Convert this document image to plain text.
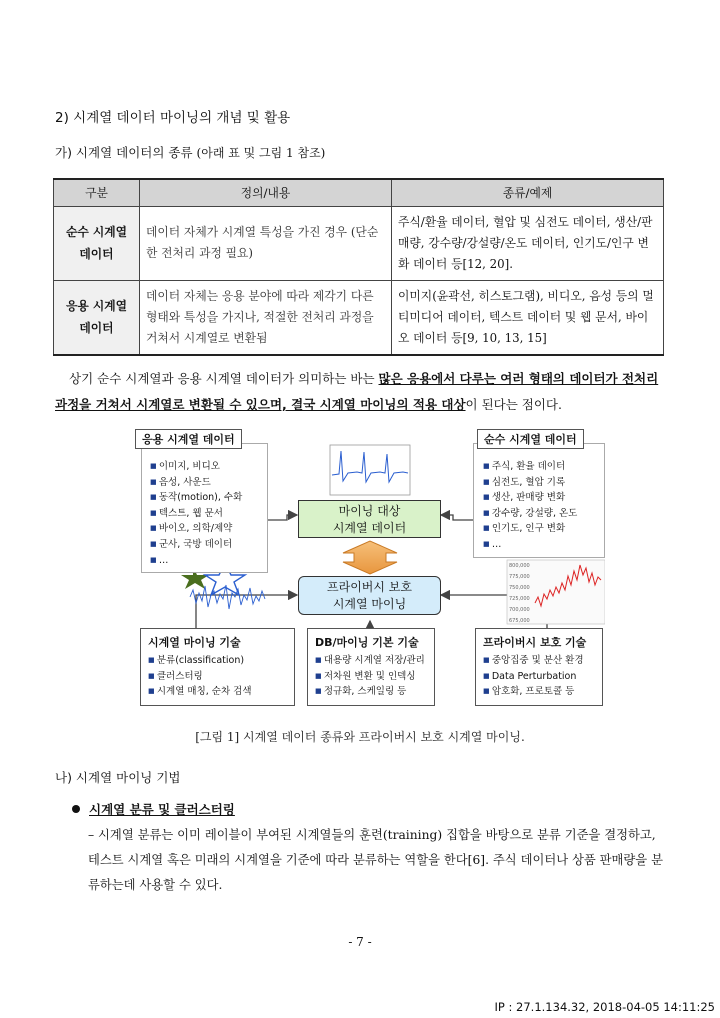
2) 시계열 데이터 마이닝의 개념 및 활용
가) 시계열 데이터의 종류 (아래 표 및 그림 1 참조)
구분	정의/내용	종류/예제
순수 시계열
데이터	데이터 자체가 시계열 특성을 가진 경우 (단순한 전처리 과정 필요)	주식/환율 데이터, 혈압 및 심전도 데이터, 생산/판매량, 강수량/강설량/온도 데이터, 인기도/인구 변화 데이터 등[12, 20].
응용 시계열
데이터	데이터 자체는 응용 분야에 따라 제각기 다른 형태와 특성을 가지나, 적절한 전처리 과정을 거쳐서 시계열로 변환됨	이미지(윤곽선, 히스토그램), 비디오, 음성 등의 멀티미디어 데이터, 텍스트 데이터 및 웹 문서, 바이오 데이터 등[9, 10, 13, 15]
상기 순수 시계열과 응용 시계열 데이터가 의미하는 바는 많은 응용에서 다루는 여러 형태의 데이터가 전처리 과정을 거쳐서 시계열로 변환될 수 있으며, 결국 시계열 마이닝의 적용 대상이 된다는 점이다.
800,000
775,000
750,000
725,000
700,000
675,000
■ 이미지, 비디오
■ 음성, 사운드
■ 동작(motion), 수화
■ 텍스트, 웹 문서
■ 바이오, 의학/제약
■ 군사, 국방 데이터
■ …
응용 시계열 데이터
■ 주식, 환율 데이터
■ 심전도, 혈압 기록
■ 생산, 판매량 변화
■ 강수량, 강설량, 온도
■ 인기도, 인구 변화
■ …
순수 시계열 데이터
마이닝 대상
시계열 데이터
프라이버시 보호
시계열 마이닝
시계열 마이닝 기술
■ 분류(classification)
■ 클러스터링
■ 시계열 매칭, 순차 검색
DB/마이닝 기본 기술
■ 대용량 시계열 저장/관리
■ 저차원 변환 및 인덱싱
■ 정규화, 스케일링 등
프라이버시 보호 기술
■ 중앙집중 및 분산 환경
■ Data Perturbation
■ 암호화, 프로토콜 등
[그림 1] 시계열 데이터 종류와 프라이버시 보호 시계열 마이닝.
나) 시계열 마이닝 기법
시계열 분류 및 클러스터링
– 시계열 분류는 이미 레이블이 부여된 시계열들의 훈련(training) 집합을 바탕으로 분류 기준을 결정하고, 테스트 시계열 혹은 미래의 시계열을 기준에 따라 분류하는 역할을 한다[6]. 주식 데이터나 상품 판매량을 분류하는데 사용할 수 있다.
- 7 -
IP : 27.1.134.32, 2018-04-05 14:11:25
